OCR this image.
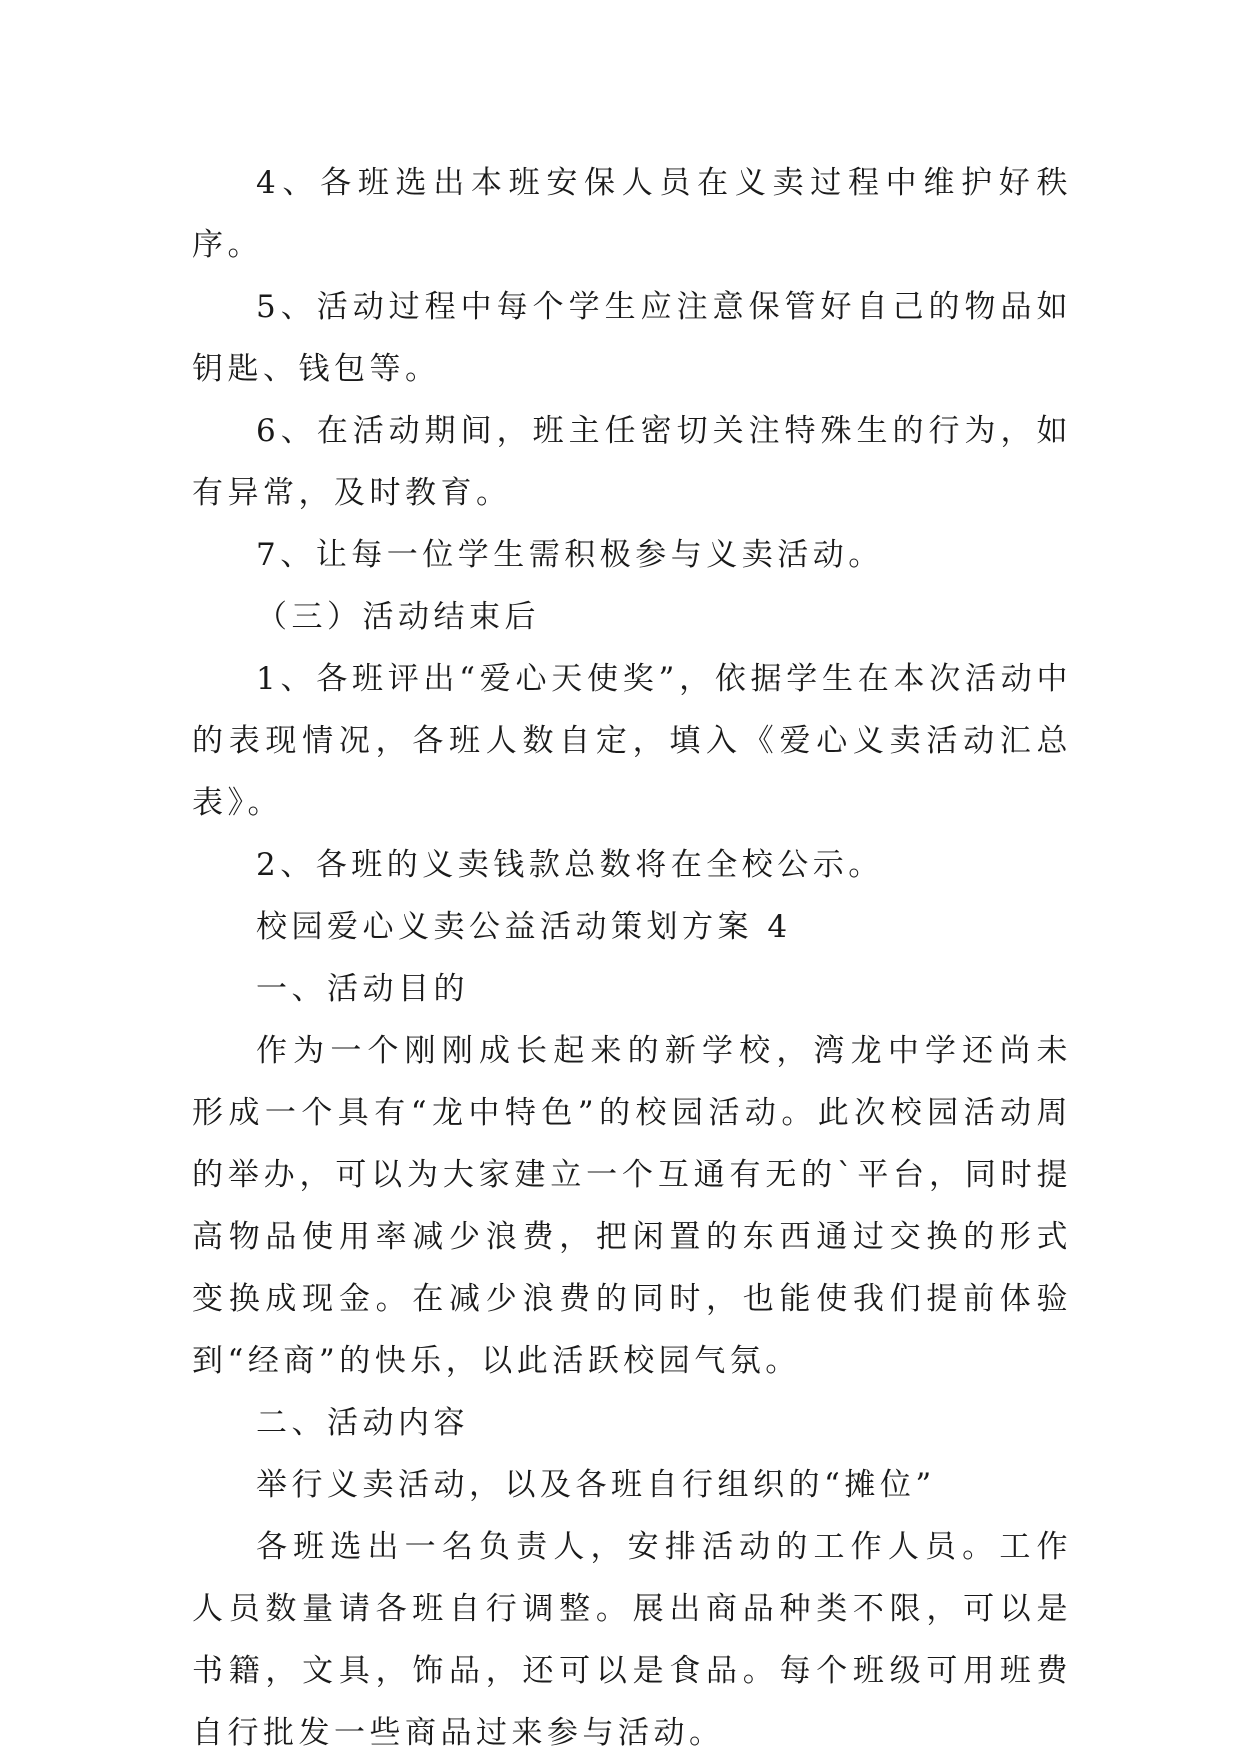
4、各班选出本班安保人员在义卖过程中维护好秩序。

5、活动过程中每个学生应注意保管好自己的物品如钥匙、钱包等。

6、在活动期间，班主任密切关注特殊生的行为，如有异常，及时教育。

7、让每一位学生需积极参与义卖活动。

（三）活动结束后

1、各班评出“爱心天使奖”，依据学生在本次活动中的表现情况，各班人数自定，填入《爱心义卖活动汇总表》。

2、各班的义卖钱款总数将在全校公示。

校园爱心义卖公益活动策划方案 4

一、活动目的

作为一个刚刚成长起来的新学校，湾龙中学还尚未形成一个具有“龙中特色”的校园活动。此次校园活动周的举办，可以为大家建立一个互通有无的`平台，同时提高物品使用率减少浪费，把闲置的东西通过交换的形式变换成现金。在减少浪费的同时，也能使我们提前体验到“经商”的快乐，以此活跃校园气氛。

二、活动内容

举行义卖活动，以及各班自行组织的“摊位”

各班选出一名负责人，安排活动的工作人员。工作人员数量请各班自行调整。展出商品种类不限，可以是书籍，文具，饰品，还可以是食品。每个班级可用班费自行批发一些商品过来参与活动。
